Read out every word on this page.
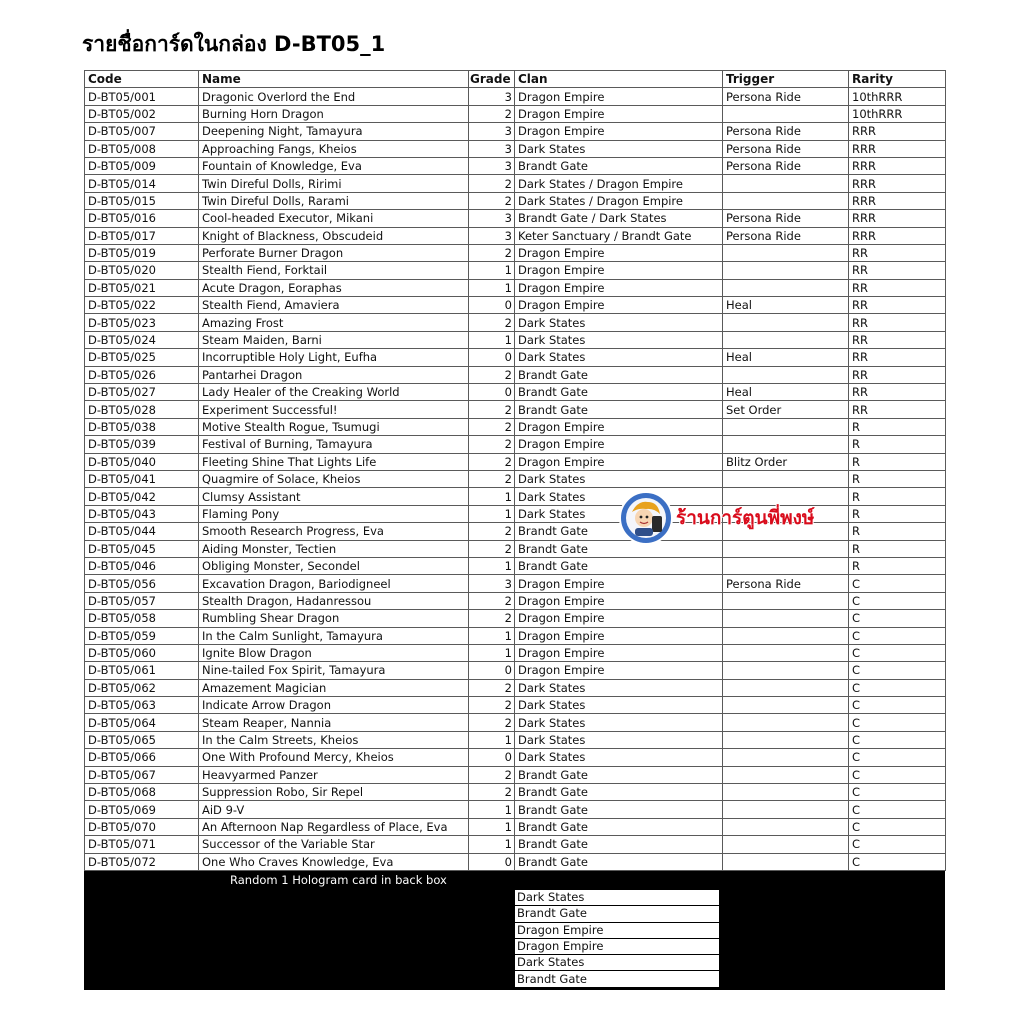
รายชื่อการ์ดในกล่อง D-BT05_1
Code	Name	Grade	Clan	Trigger	Rarity
D-BT05/001	Dragonic Overlord the End	3	Dragon Empire	Persona Ride	10thRRR
D-BT05/002	Burning Horn Dragon	2	Dragon Empire		10thRRR
D-BT05/007	Deepening Night, Tamayura	3	Dragon Empire	Persona Ride	RRR
D-BT05/008	Approaching Fangs, Kheios	3	Dark States	Persona Ride	RRR
D-BT05/009	Fountain of Knowledge, Eva	3	Brandt Gate	Persona Ride	RRR
D-BT05/014	Twin Direful Dolls, Ririmi	2	Dark States / Dragon Empire		RRR
D-BT05/015	Twin Direful Dolls, Rarami	2	Dark States / Dragon Empire		RRR
D-BT05/016	Cool-headed Executor, Mikani	3	Brandt Gate / Dark States	Persona Ride	RRR
D-BT05/017	Knight of Blackness, Obscudeid	3	Keter Sanctuary / Brandt Gate	Persona Ride	RRR
D-BT05/019	Perforate Burner Dragon	2	Dragon Empire		RR
D-BT05/020	Stealth Fiend, Forktail	1	Dragon Empire		RR
D-BT05/021	Acute Dragon, Eoraphas	1	Dragon Empire		RR
D-BT05/022	Stealth Fiend, Amaviera	0	Dragon Empire	Heal	RR
D-BT05/023	Amazing Frost	2	Dark States		RR
D-BT05/024	Steam Maiden, Barni	1	Dark States		RR
D-BT05/025	Incorruptible Holy Light, Eufha	0	Dark States	Heal	RR
D-BT05/026	Pantarhei Dragon	2	Brandt Gate		RR
D-BT05/027	Lady Healer of the Creaking World	0	Brandt Gate	Heal	RR
D-BT05/028	Experiment Successful!	2	Brandt Gate	Set Order	RR
D-BT05/038	Motive Stealth Rogue, Tsumugi	2	Dragon Empire		R
D-BT05/039	Festival of Burning, Tamayura	2	Dragon Empire		R
D-BT05/040	Fleeting Shine That Lights Life	2	Dragon Empire	Blitz Order	R
D-BT05/041	Quagmire of Solace, Kheios	2	Dark States		R
D-BT05/042	Clumsy Assistant	1	Dark States		R
D-BT05/043	Flaming Pony	1	Dark States		R
D-BT05/044	Smooth Research Progress, Eva	2	Brandt Gate		R
D-BT05/045	Aiding Monster, Tectien	2	Brandt Gate		R
D-BT05/046	Obliging Monster, Secondel	1	Brandt Gate		R
D-BT05/056	Excavation Dragon, Bariodigneel	3	Dragon Empire	Persona Ride	C
D-BT05/057	Stealth Dragon, Hadanressou	2	Dragon Empire		C
D-BT05/058	Rumbling Shear Dragon	2	Dragon Empire		C
D-BT05/059	In the Calm Sunlight, Tamayura	1	Dragon Empire		C
D-BT05/060	Ignite Blow Dragon	1	Dragon Empire		C
D-BT05/061	Nine-tailed Fox Spirit, Tamayura	0	Dragon Empire		C
D-BT05/062	Amazement Magician	2	Dark States		C
D-BT05/063	Indicate Arrow Dragon	2	Dark States		C
D-BT05/064	Steam Reaper, Nannia	2	Dark States		C
D-BT05/065	In the Calm Streets, Kheios	1	Dark States		C
D-BT05/066	One With Profound Mercy, Kheios	0	Dark States		C
D-BT05/067	Heavyarmed Panzer	2	Brandt Gate		C
D-BT05/068	Suppression Robo, Sir Repel	2	Brandt Gate		C
D-BT05/069	AiD 9-V	1	Brandt Gate		C
D-BT05/070	An Afternoon Nap Regardless of Place, Eva	1	Brandt Gate		C
D-BT05/071	Successor of the Variable Star	1	Brandt Gate		C
D-BT05/072	One Who Craves Knowledge, Eva	0	Brandt Gate		C
Random 1 Hologram card in back box
Dark States
Brandt Gate
Dragon Empire
Dragon Empire
Dark States
Brandt Gate
ร้านการ์ตูนพี่พงษ์
